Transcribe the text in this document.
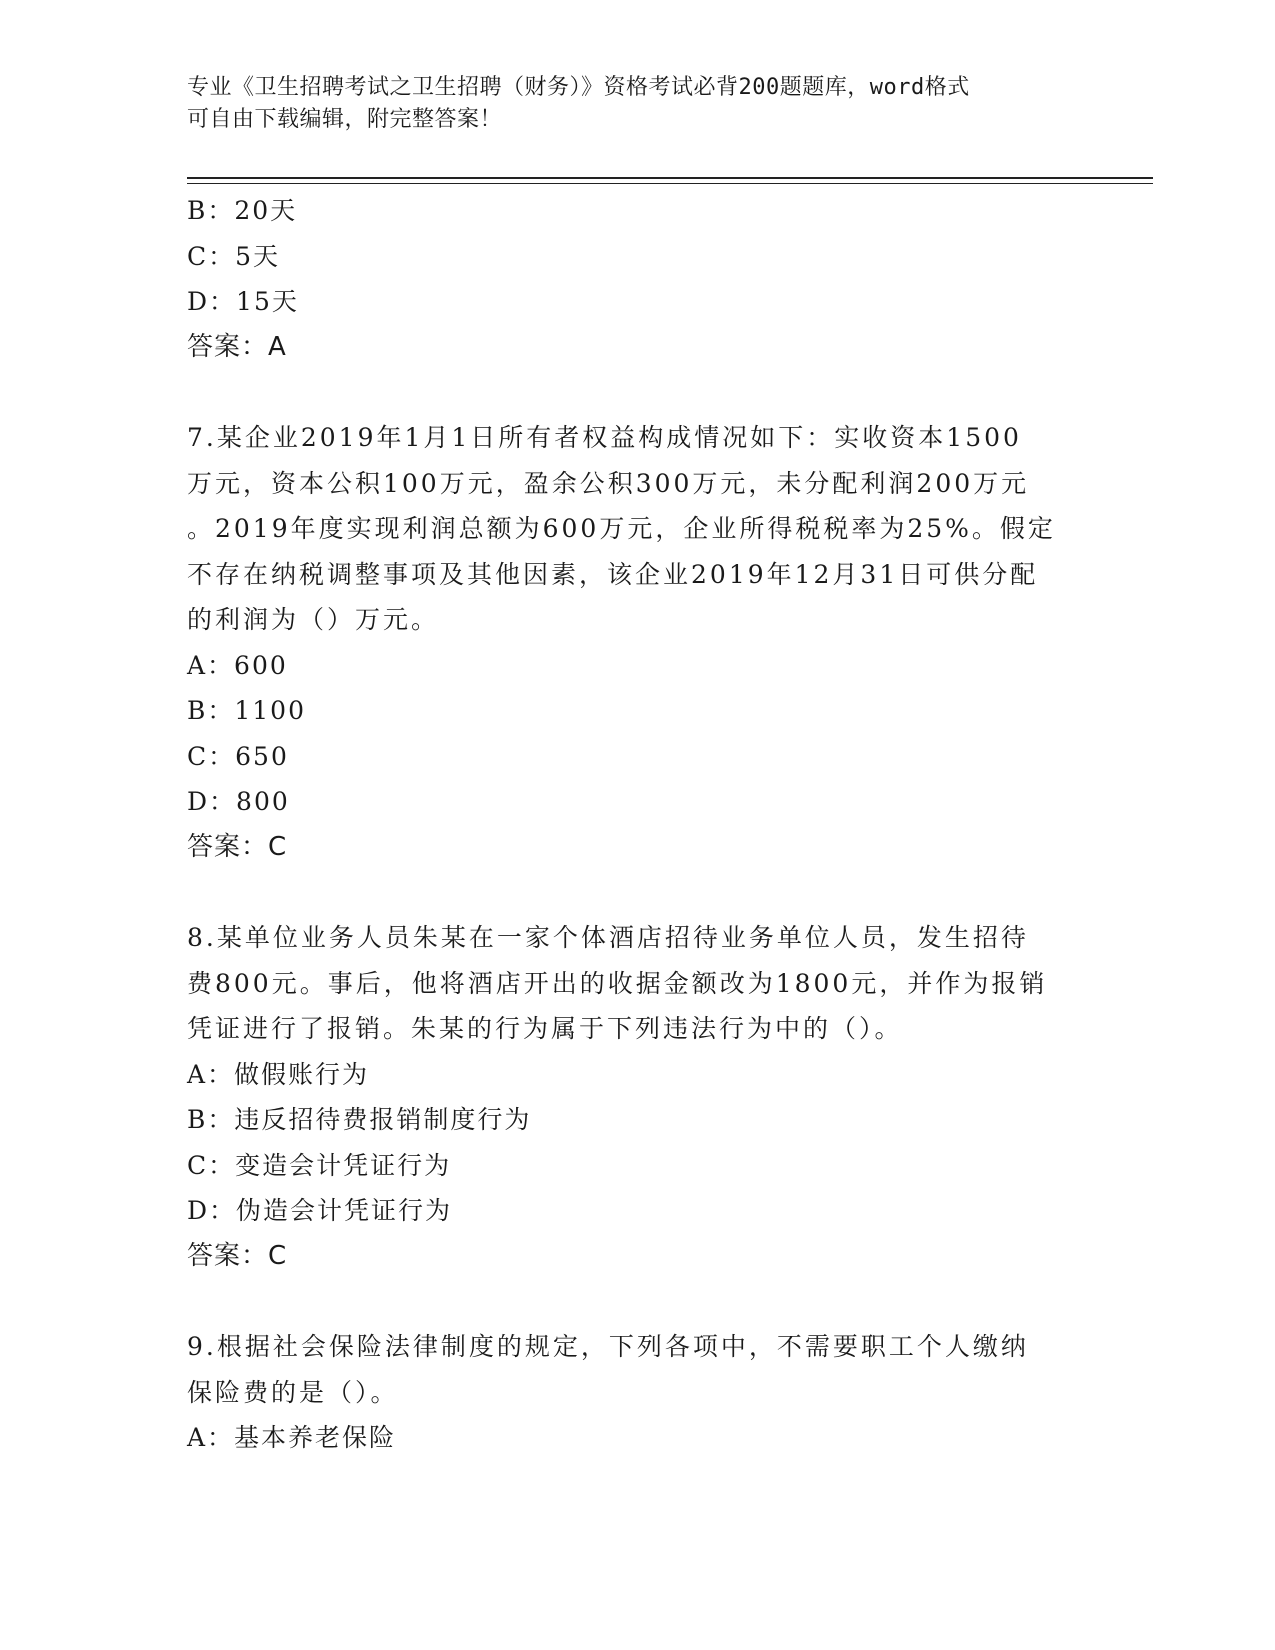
专业《卫生招聘考试之卫生招聘（财务）》资格考试必背200题题库，word格式
可自由下载编辑，附完整答案！
B：20天
C：5天
D：15天
答案：A
7.某企业2019年1月1日所有者权益构成情况如下：实收资本1500
万元，资本公积100万元，盈余公积300万元，未分配利润200万元
。2019年度实现利润总额为600万元，企业所得税税率为25%。假定
不存在纳税调整事项及其他因素，该企业2019年12月31日可供分配
的利润为（）万元。
A：600
B：1100
C：650
D：800
答案：C
8.某单位业务人员朱某在一家个体酒店招待业务单位人员，发生招待
费800元。事后，他将酒店开出的收据金额改为1800元，并作为报销
凭证进行了报销。朱某的行为属于下列违法行为中的（）。
A：做假账行为
B：违反招待费报销制度行为
C：变造会计凭证行为
D：伪造会计凭证行为
答案：C
9.根据社会保险法律制度的规定，下列各项中，不需要职工个人缴纳
保险费的是（）。
A：基本养老保险
